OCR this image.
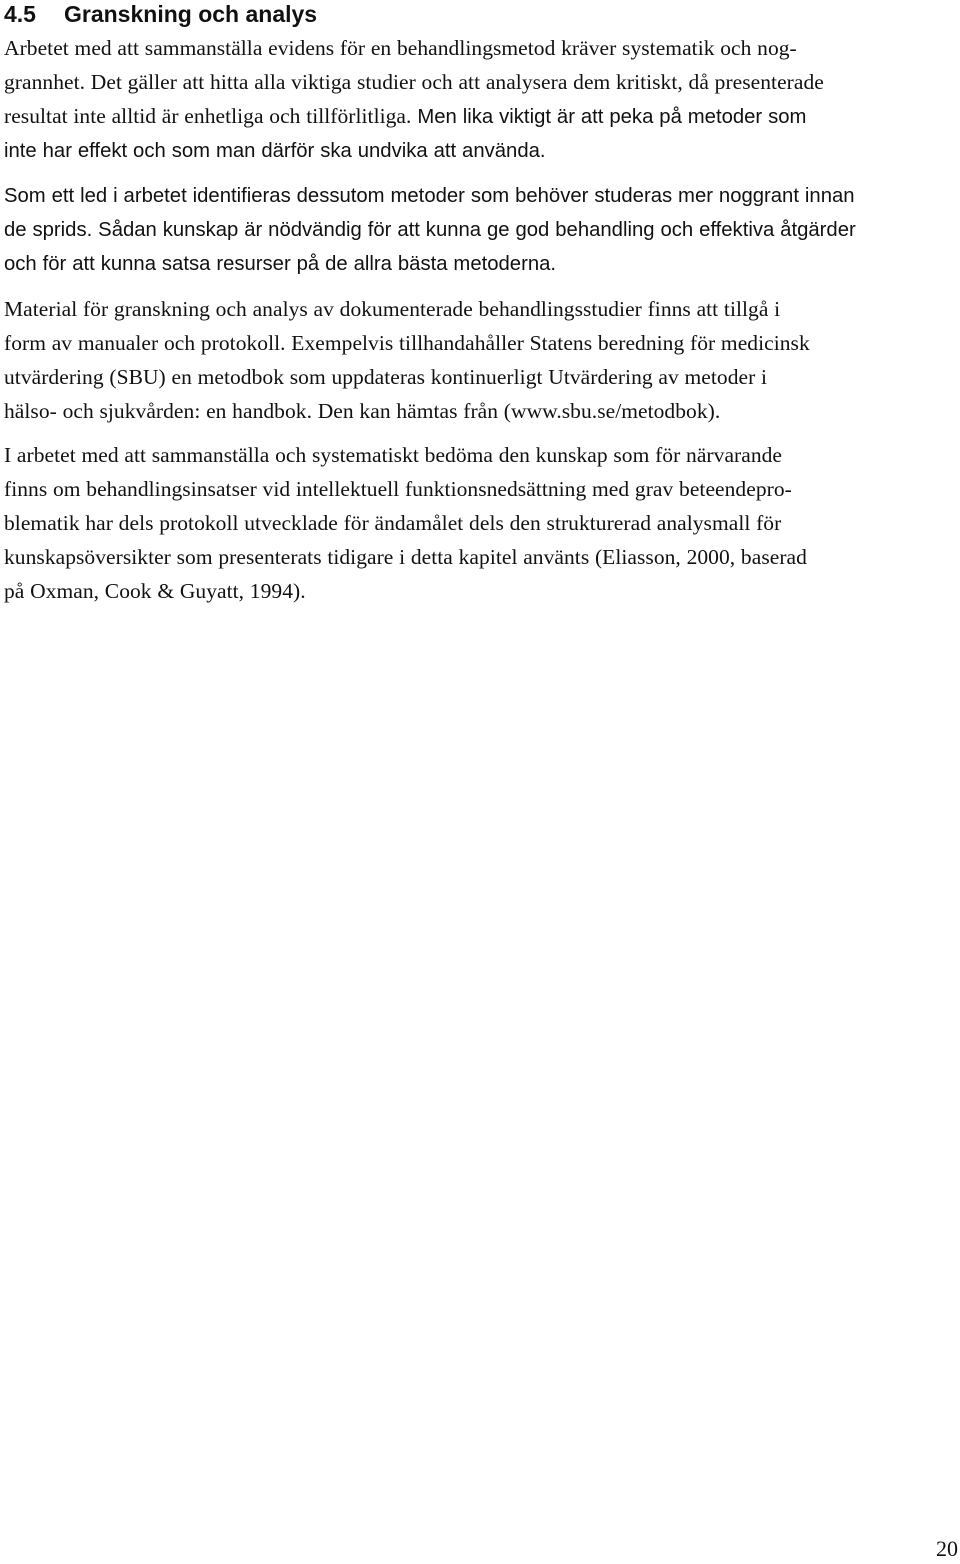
4.5 Granskning och analys

Arbetet med att sammanställa evidens för en behandlingsmetod kräver systematik och nog-
grannhet. Det gäller att hitta alla viktiga studier och att analysera dem kritiskt, då presenterade
resultat inte alltid är enhetliga och tillförlitliga. Men lika viktigt är att peka på metoder som
inte har effekt och som man därför ska undvika att använda.

Som ett led i arbetet identifieras dessutom metoder som behöver studeras mer noggrant innan
de sprids. Sådan kunskap är nödvändig för att kunna ge god behandling och effektiva åtgärder
och för att kunna satsa resurser på de allra bästa metoderna.

Material för granskning och analys av dokumenterade behandlingsstudier finns att tillgå i
form av manualer och protokoll. Exempelvis tillhandahåller Statens beredning för medicinsk
utvärdering (SBU) en metodbok som uppdateras kontinuerligt Utvärdering av metoder i
hälso- och sjukvården: en handbok. Den kan hämtas från (www.sbu.se/metodbok).

I arbetet med att sammanställa och systematiskt bedöma den kunskap som för närvarande
finns om behandlingsinsatser vid intellektuell funktionsnedsättning med grav beteendepro-
blematik har dels protokoll utvecklade för ändamålet dels den strukturerad analysmall för
kunskapsöversikter som presenterats tidigare i detta kapitel använts (Eliasson, 2000, baserad
på Oxman, Cook & Guyatt, 1994).

20
